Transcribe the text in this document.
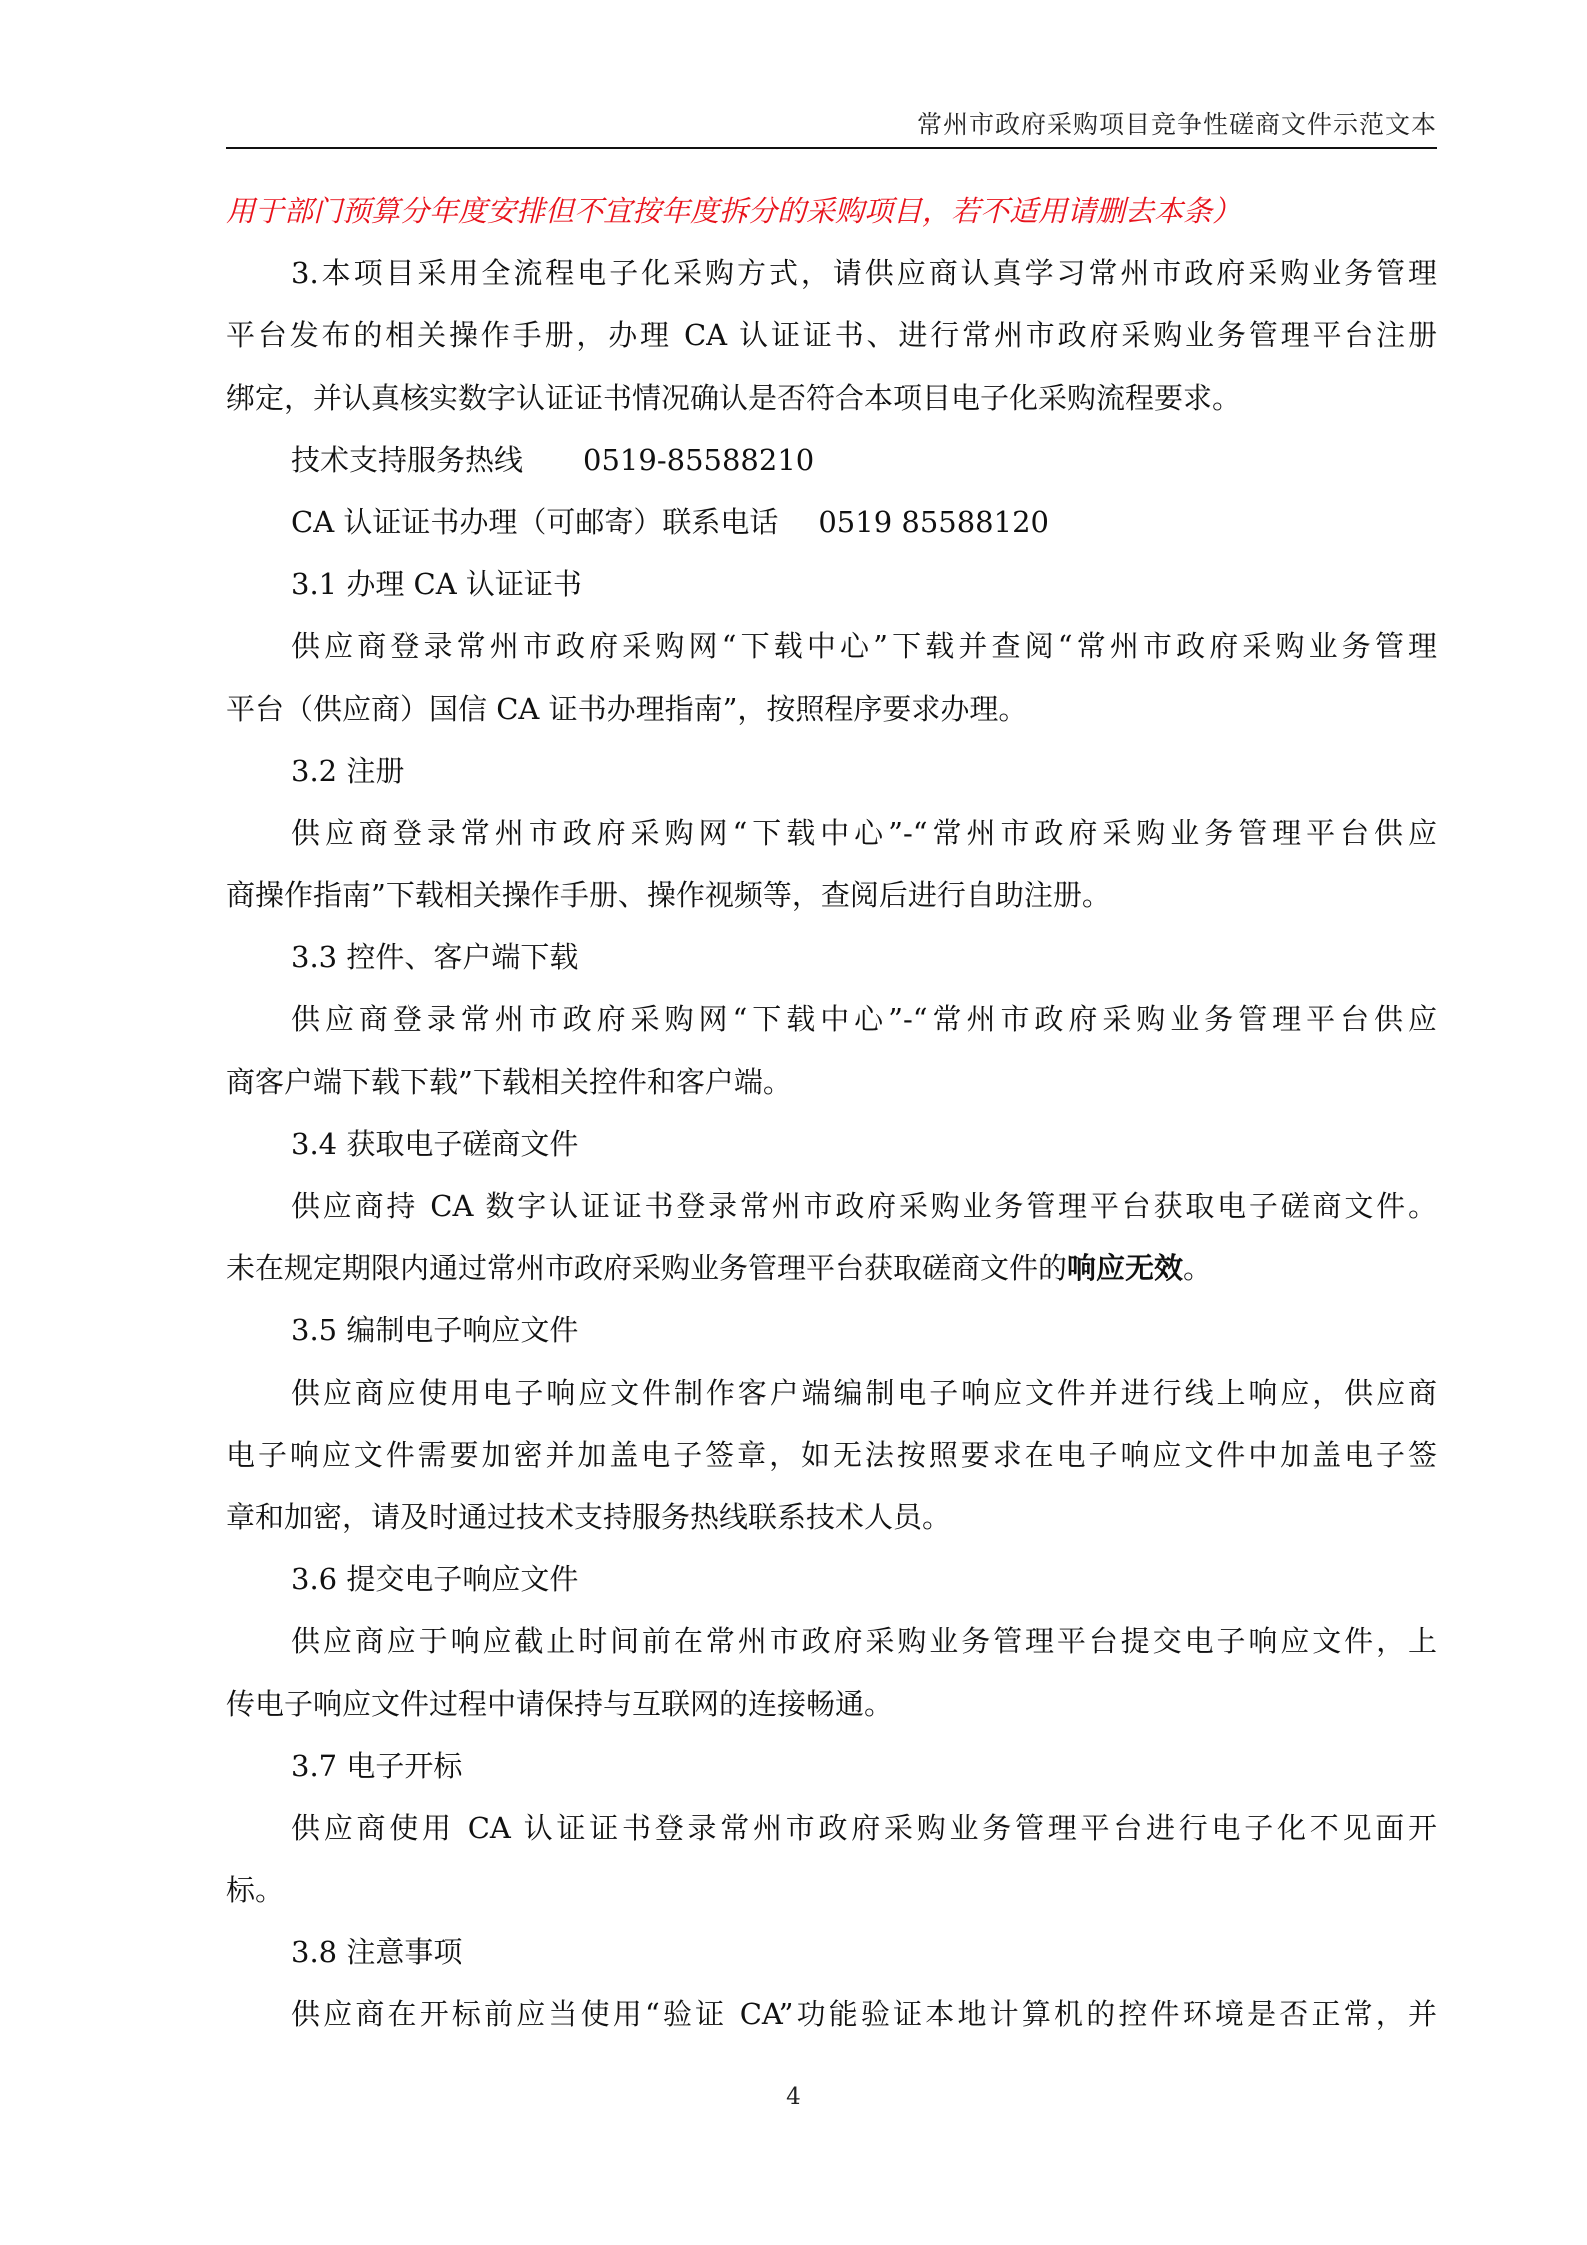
常州市政府采购项目竞争性磋商文件示范文本
用于部门预算分年度安排但不宜按年度拆分的采购项目，若不适用请删去本条）
3.本项目采用全流程电子化采购方式，请供应商认真学习常州市政府采购业务管理
平台发布的相关操作手册，办理 CA 认证证书、进行常州市政府采购业务管理平台注册
绑定，并认真核实数字认证证书情况确认是否符合本项目电子化采购流程要求。
技术支持服务热线 0519-85588210
CA 认证证书办理（可邮寄）联系电话 0519 85588120
3.1 办理 CA 认证证书
供应商登录常州市政府采购网“下载中心”下载并查阅“常州市政府采购业务管理
平台（供应商）国信 CA 证书办理指南”，按照程序要求办理。
3.2 注册
供应商登录常州市政府采购网“下载中心”-“常州市政府采购业务管理平台供应
商操作指南”下载相关操作手册、操作视频等，查阅后进行自助注册。
3.3 控件、客户端下载
供应商登录常州市政府采购网“下载中心”-“常州市政府采购业务管理平台供应
商客户端下载下载”下载相关控件和客户端。
3.4 获取电子磋商文件
供应商持 CA 数字认证证书登录常州市政府采购业务管理平台获取电子磋商文件。
未在规定期限内通过常州市政府采购业务管理平台获取磋商文件的响应无效。
3.5 编制电子响应文件
供应商应使用电子响应文件制作客户端编制电子响应文件并进行线上响应，供应商
电子响应文件需要加密并加盖电子签章，如无法按照要求在电子响应文件中加盖电子签
章和加密，请及时通过技术支持服务热线联系技术人员。
3.6 提交电子响应文件
供应商应于响应截止时间前在常州市政府采购业务管理平台提交电子响应文件，上
传电子响应文件过程中请保持与互联网的连接畅通。
3.7 电子开标
供应商使用 CA 认证证书登录常州市政府采购业务管理平台进行电子化不见面开
标。
3.8 注意事项
供应商在开标前应当使用“验证 CA”功能验证本地计算机的控件环境是否正常，并
4
